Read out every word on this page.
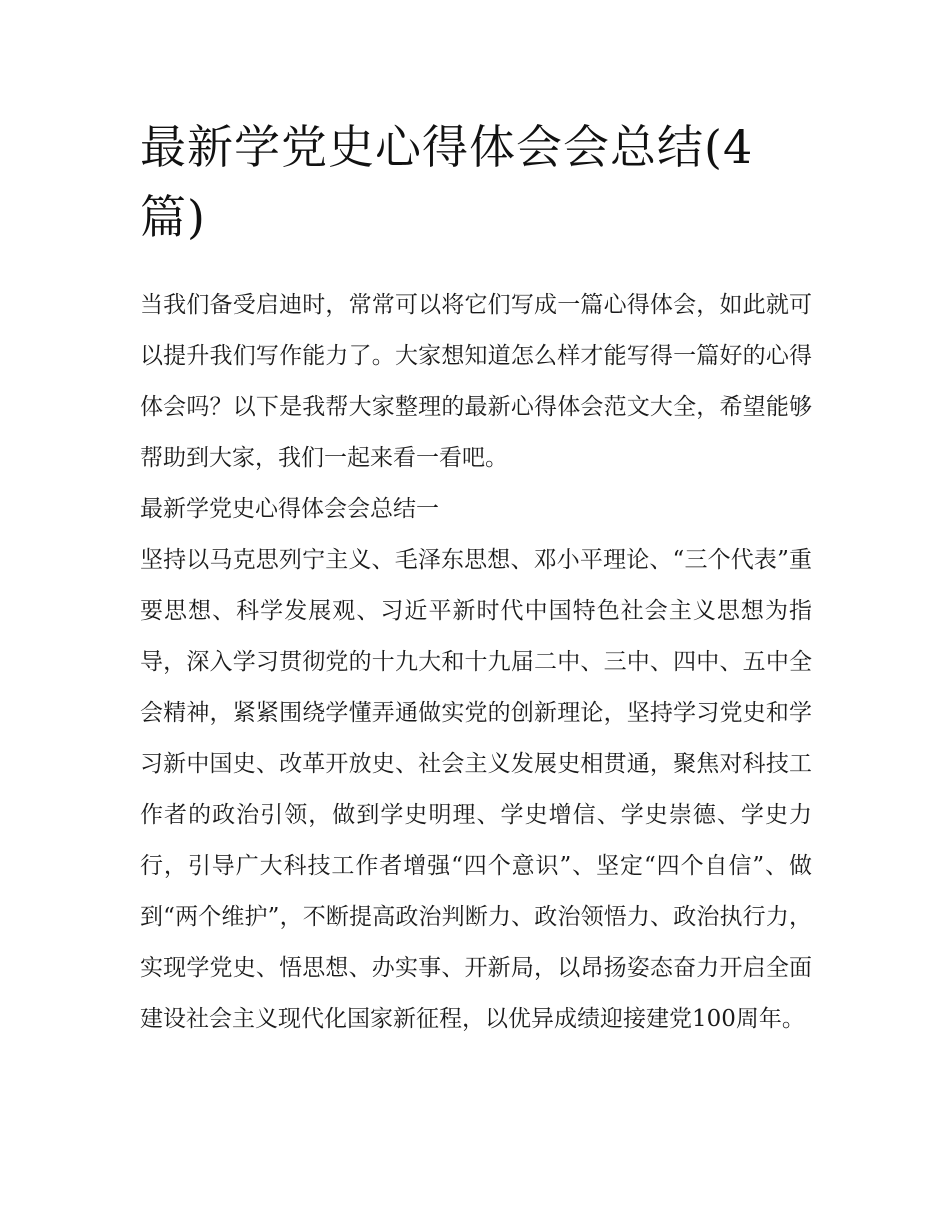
最新学党史心得体会会总结(4篇)

当我们备受启迪时，常常可以将它们写成一篇心得体会，如此就可以提升我们写作能力了。大家想知道怎么样才能写得一篇好的心得体会吗？以下是我帮大家整理的最新心得体会范文大全，希望能够帮助到大家，我们一起来看一看吧。

最新学党史心得体会会总结一

坚持以马克思列宁主义、毛泽东思想、邓小平理论、“三个代表”重要思想、科学发展观、习近平新时代中国特色社会主义思想为指导，深入学习贯彻党的十九大和十九届二中、三中、四中、五中全会精神，紧紧围绕学懂弄通做实党的创新理论，坚持学习党史和学习新中国史、改革开放史、社会主义发展史相贯通，聚焦对科技工作者的政治引领，做到学史明理、学史增信、学史崇德、学史力行，引导广大科技工作者增强“四个意识”、坚定“四个自信”、做到“两个维护”，不断提高政治判断力、政治领悟力、政治执行力，实现学党史、悟思想、办实事、开新局，以昂扬姿态奋力开启全面建设社会主义现代化国家新征程，以优异成绩迎接建党100周年。
